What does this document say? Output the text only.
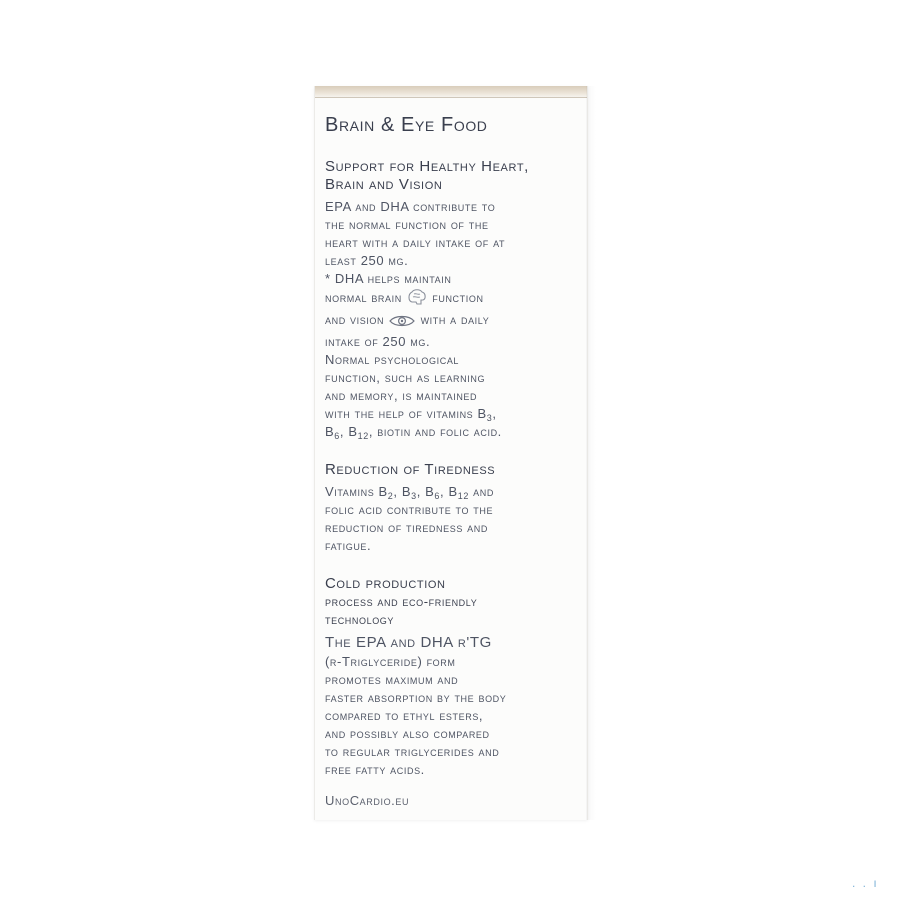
Brain & Eye Food
Support for Healthy Heart,
Brain and Vision
EPA and DHA contribute to
the normal function of the
heart with a daily intake of at
least 250 mg.
* DHA helps maintain
normal brain function
and vision	with a daily
intake of 250 mg.
Normal psychological
function, such as learning
and memory, is maintained
with the help of vitamins $B_3$,
$B_6$, $B_{12}$, biotin and folic acid.
Reduction of Tiredness
Vitamins $B_2$, $B_3$, $B_6$, $B_{12}$ and
folic acid contribute to the
reduction of tiredness and
fatigue.
Cold production
process and eco-friendly
technology
The EPA and DHA r'TG
(r-Triglyceride) form
promotes maximum and
faster absorption by the body
compared to ethyl esters,
and possibly also compared
to regular triglycerides and
free fatty acids.
UnoCardio.eu
. . ı
